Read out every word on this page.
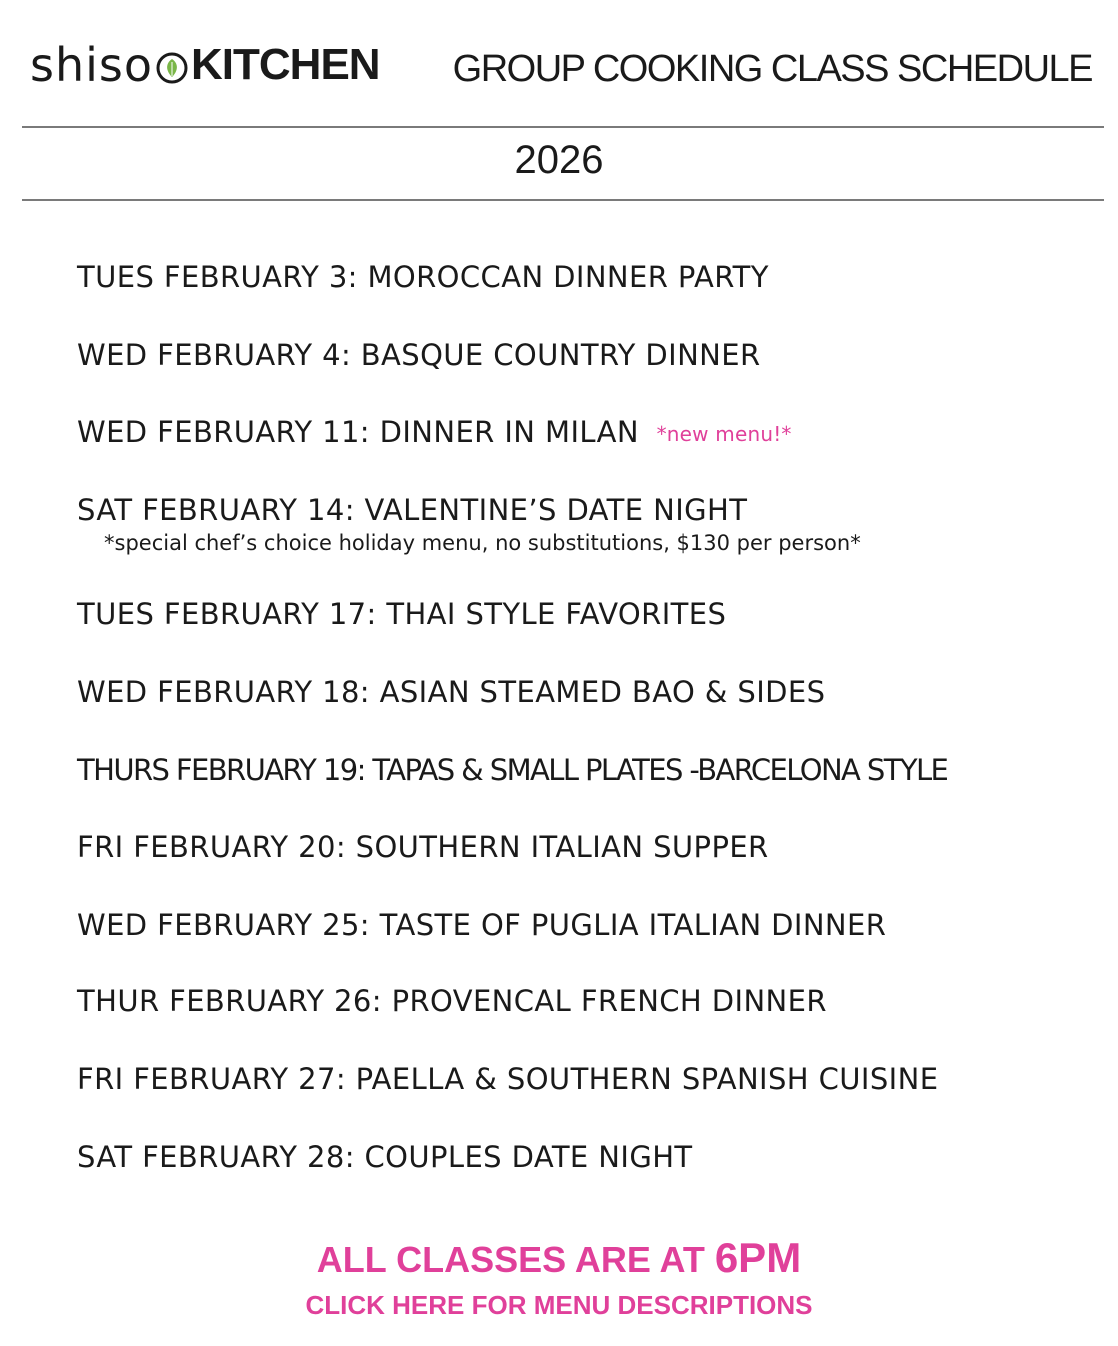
shiso KITCHEN GROUP COOKING CLASS SCHEDULE
2026
TUES FEBRUARY 3: MOROCCAN DINNER PARTY
WED FEBRUARY 4: BASQUE COUNTRY DINNER
WED FEBRUARY 11: DINNER IN MILAN *new menu!*
SAT FEBRUARY 14: VALENTINE’S DATE NIGHT
*special chef’s choice holiday menu, no substitutions, $130 per person*
TUES FEBRUARY 17: THAI STYLE FAVORITES
WED FEBRUARY 18: ASIAN STEAMED BAO & SIDES
THURS FEBRUARY 19: TAPAS & SMALL PLATES -BARCELONA STYLE
FRI FEBRUARY 20: SOUTHERN ITALIAN SUPPER
WED FEBRUARY 25: TASTE OF PUGLIA ITALIAN DINNER
THUR FEBRUARY 26: PROVENCAL FRENCH DINNER
FRI FEBRUARY 27: PAELLA & SOUTHERN SPANISH CUISINE
SAT FEBRUARY 28: COUPLES DATE NIGHT
ALL CLASSES ARE AT 6PM
CLICK HERE FOR MENU DESCRIPTIONS
